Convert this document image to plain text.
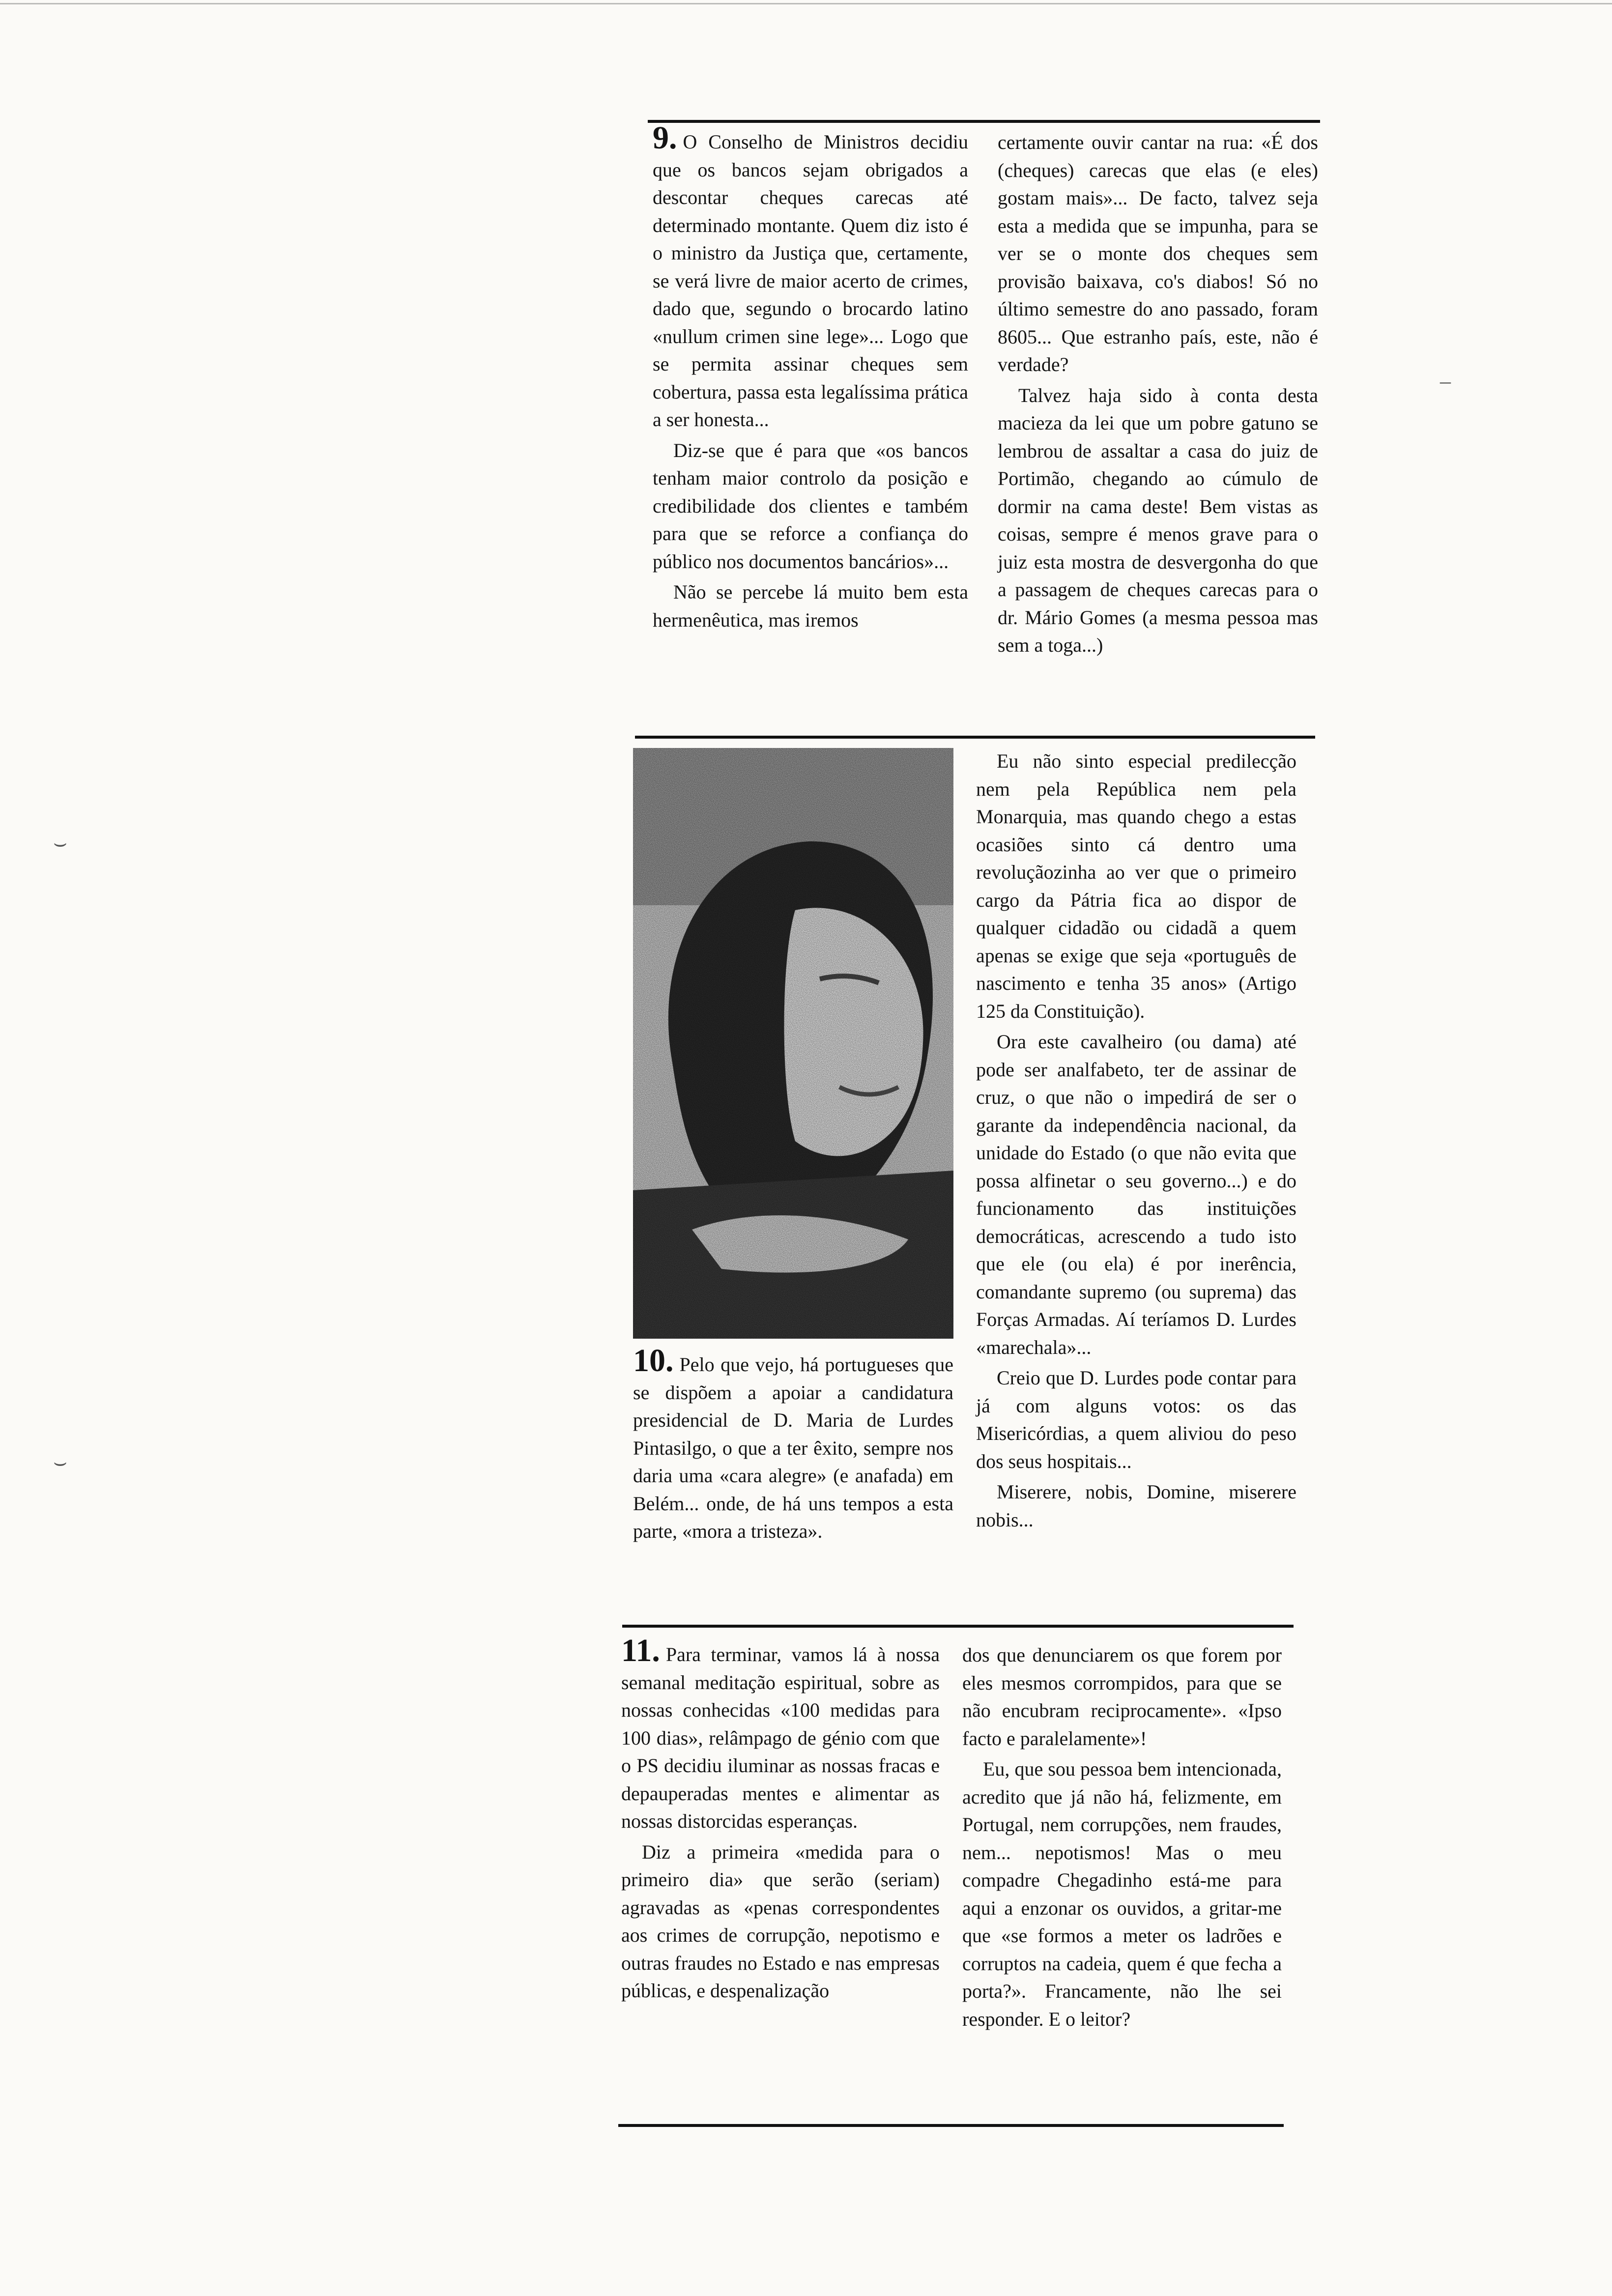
9. O Conselho de Ministros decidiu que os bancos sejam obrigados a descontar cheques carecas até determinado montante. Quem diz isto é o ministro da Justiça que, certamente, se verá livre de maior acerto de crimes, dado que, segundo o brocardo latino «nullum crimen sine lege»... Logo que se permita assinar cheques sem cobertura, passa esta legalíssima prática a ser honesta...

Diz-se que é para que «os bancos tenham maior controlo da posição e credibilidade dos clientes e também para que se reforce a confiança do público nos documentos bancários»...

Não se percebe lá muito bem esta hermenêutica, mas iremos

certamente ouvir cantar na rua: «É dos (cheques) carecas que elas (e eles) gostam mais»... De facto, talvez seja esta a medida que se impunha, para se ver se o monte dos cheques sem provisão baixava, co's diabos! Só no último semestre do ano passado, foram 8605... Que estranho país, este, não é verdade?

Talvez haja sido à conta desta macieza da lei que um pobre gatuno se lembrou de assaltar a casa do juiz de Portimão, chegando ao cúmulo de dormir na cama deste! Bem vistas as coisas, sempre é menos grave para o juiz esta mostra de desvergonha do que a passagem de cheques carecas para o dr. Mário Gomes (a mesma pessoa mas sem a toga...)

10. Pelo que vejo, há portugueses que se dispõem a apoiar a candidatura presidencial de D. Maria de Lurdes Pintasilgo, o que a ter êxito, sempre nos daria uma «cara alegre» (e anafada) em Belém... onde, de há uns tempos a esta parte, «mora a tristeza».

Eu não sinto especial predilecção nem pela República nem pela Monarquia, mas quando chego a estas ocasiões sinto cá dentro uma revoluçãozinha ao ver que o primeiro cargo da Pátria fica ao dispor de qualquer cidadão ou cidadã a quem apenas se exige que seja «português de nascimento e tenha 35 anos» (Artigo 125 da Constituição).

Ora este cavalheiro (ou dama) até pode ser analfabeto, ter de assinar de cruz, o que não o impedirá de ser o garante da independência nacional, da unidade do Estado (o que não evita que possa alfinetar o seu governo...) e do funcionamento das instituições democráticas, acrescendo a tudo isto que ele (ou ela) é por inerência, comandante supremo (ou suprema) das Forças Armadas. Aí teríamos D. Lurdes «marechala»...

Creio que D. Lurdes pode contar para já com alguns votos: os das Misericórdias, a quem aliviou do peso dos seus hospitais...

Miserere, nobis, Domine, miserere nobis...

11. Para terminar, vamos lá à nossa semanal meditação espiritual, sobre as nossas conhecidas «100 medidas para 100 dias», relâmpago de génio com que o PS decidiu iluminar as nossas fracas e depauperadas mentes e alimentar as nossas distorcidas esperanças.

Diz a primeira «medida para o primeiro dia» que serão (seriam) agravadas as «penas correspondentes aos crimes de corrupção, nepotismo e outras fraudes no Estado e nas empresas públicas, e despenalização

dos que denunciarem os que forem por eles mesmos corrompidos, para que se não encubram reciprocamente». «Ipso facto e paralelamente»!

Eu, que sou pessoa bem intencionada, acredito que já não há, felizmente, em Portugal, nem corrupções, nem fraudes, nem... nepotismos! Mas o meu compadre Chegadinho está-me para aqui a enzonar os ouvidos, a gritar-me que «se formos a meter os ladrões e corruptos na cadeia, quem é que fecha a porta?». Francamente, não lhe sei responder. E o leitor?

⌣
⌣
–
